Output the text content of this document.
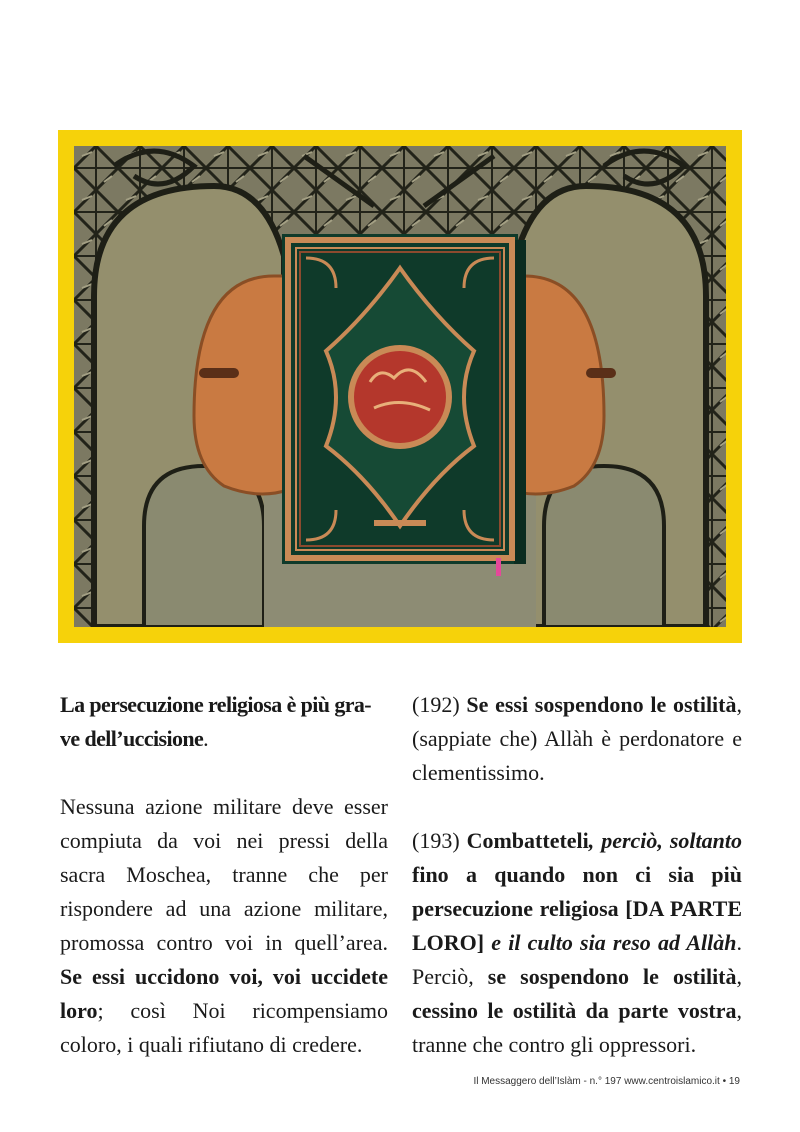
La persecuzione religiosa è più gra-
ve dell’uccisione.

Nessuna azione militare deve esser compiuta da voi nei pressi della sacra Moschea, tranne che per rispondere ad una azione militare, promossa contro voi in quell’area. Se essi uccidono voi, voi uccidete loro; così Noi ricompensiamo coloro, i quali rifiutano di credere.

(192) Se essi sospendono le ostilità, (sappiate che) Allàh è perdonatore e clementissimo.

(193) Combatteteli, perciò, soltanto fino a quando non ci sia più persecuzione religiosa [DA PARTE LORO] e il culto sia reso ad Allàh. Perciò, se sospendono le ostilità, cessino le ostilità da parte vostra, tranne che contro gli oppressori.

Il Messaggero dell’Islàm - n.° 197 www.centroislamico.it • 19
